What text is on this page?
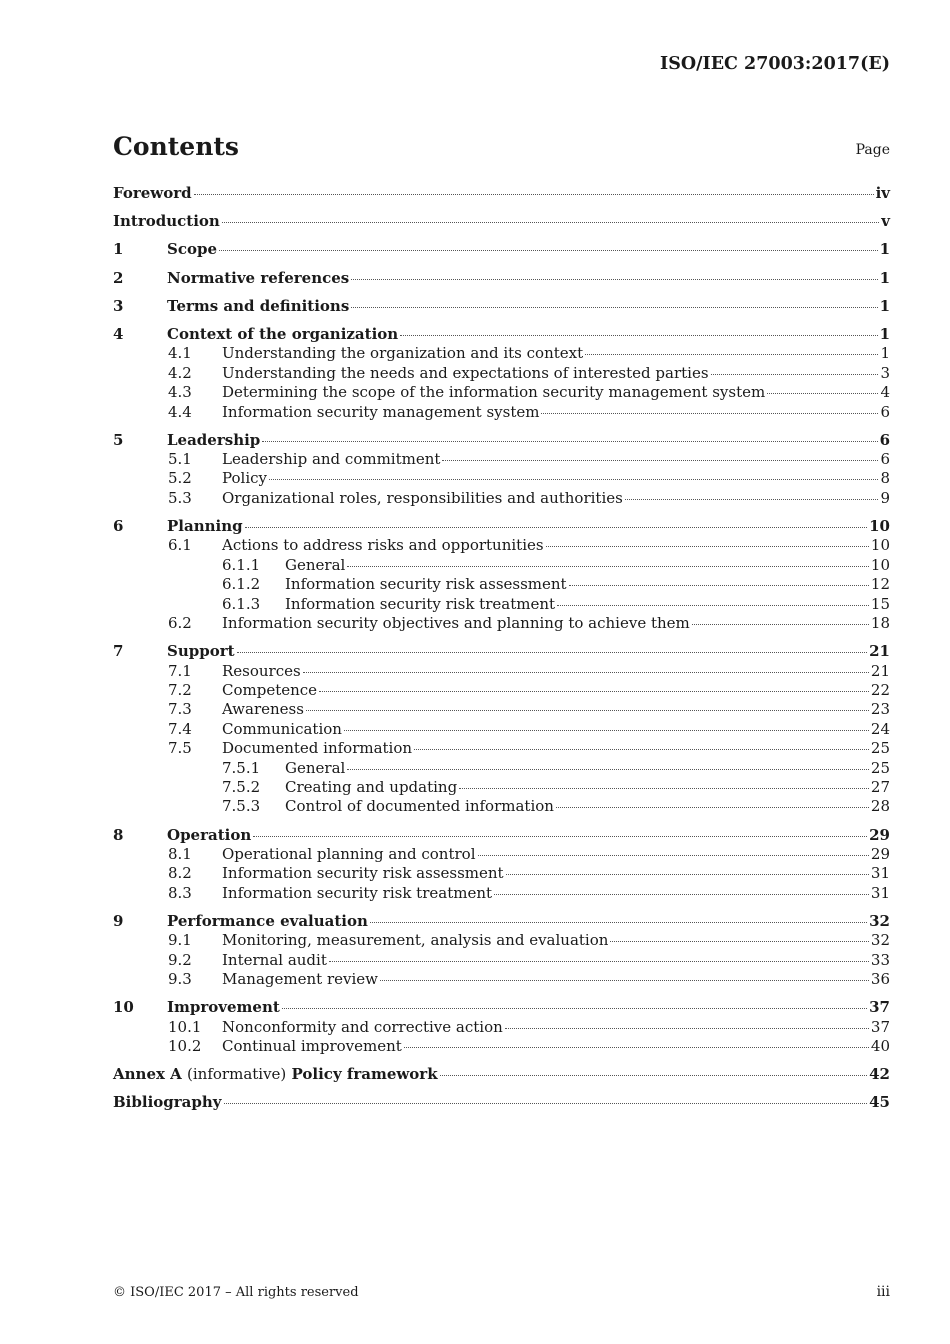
ISO/IEC 27003:2017(E)
Contents	Page
Foreword	iv
Introduction	v
1	Scope	1
2	Normative references	1
3	Terms and definitions	1
4	Context of the organization	1
4.1 Understanding the organization and its context	1
4.2 Understanding the needs and expectations of interested parties	3
4.3 Determining the scope of the information security management system	4
4.4 Information security management system	6
5	Leadership	6
5.1 Leadership and commitment	6
5.2 Policy	8
5.3 Organizational roles, responsibilities and authorities	9
6	Planning	10
6.1 Actions to address risks and opportunities	10
6.1.1 General	10
6.1.2 Information security risk assessment	12
6.1.3 Information security risk treatment	15
6.2 Information security objectives and planning to achieve them	18
7	Support	21
7.1 Resources	21
7.2 Competence	22
7.3 Awareness	23
7.4 Communication	24
7.5 Documented information	25
7.5.1 General	25
7.5.2 Creating and updating	27
7.5.3 Control of documented information	28
8	Operation	29
8.1 Operational planning and control	29
8.2 Information security risk assessment	31
8.3 Information security risk treatment	31
9	Performance evaluation	32
9.1 Monitoring, measurement, analysis and evaluation	32
9.2 Internal audit	33
9.3 Management review	36
10 Improvement	37
10.1 Nonconformity and corrective action	37
10.2 Continual improvement	40
Annex A (informative) Policy framework	42
Bibliography	45
© ISO/IEC 2017 – All rights reserved	iii
